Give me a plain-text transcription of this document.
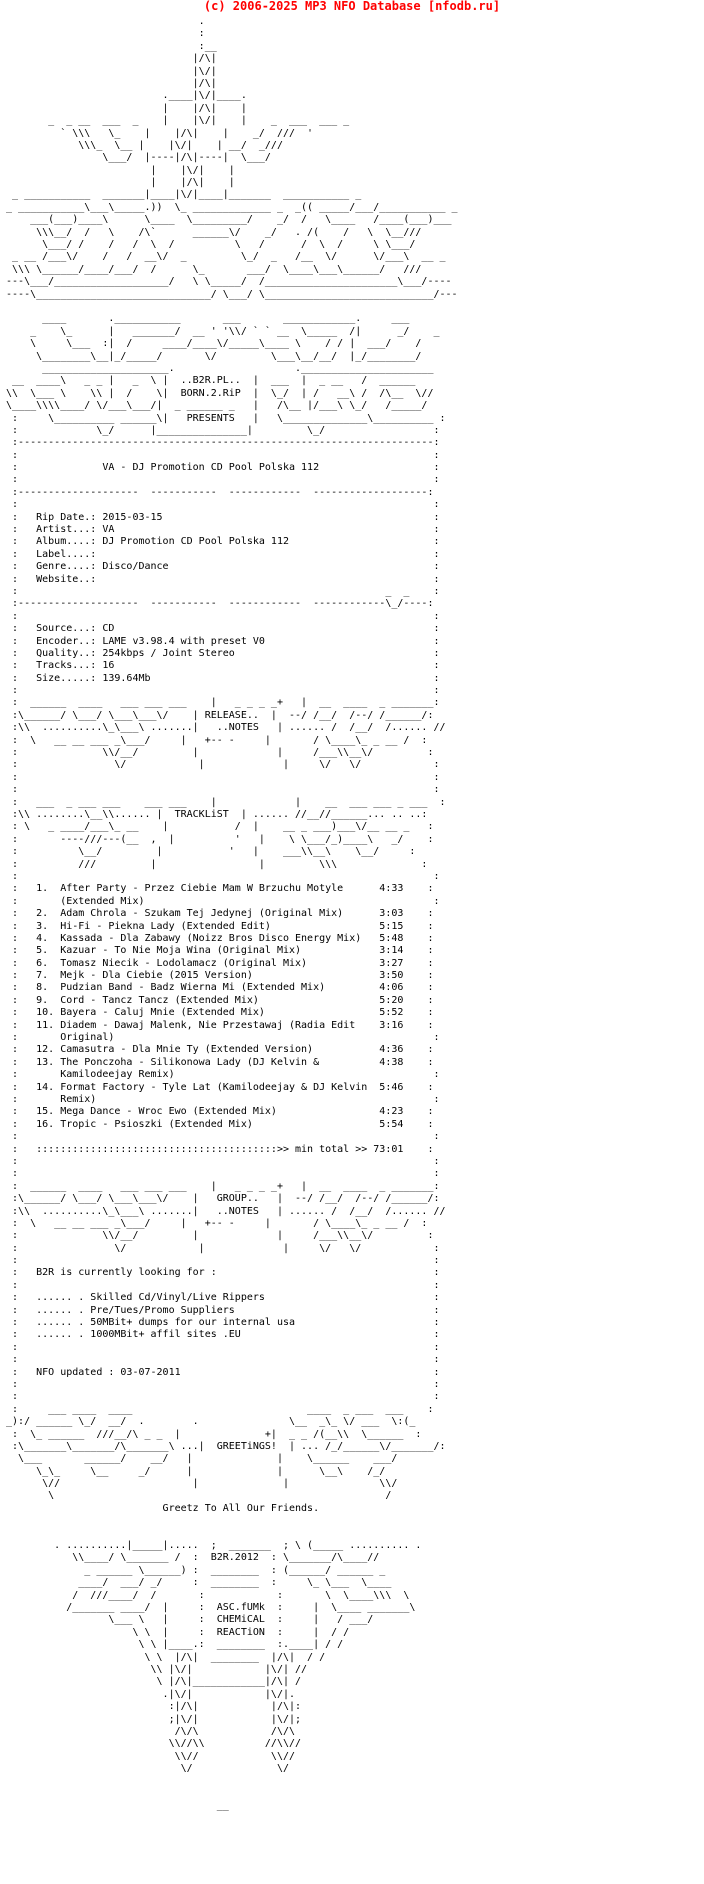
(c) 2006-2025 MP3 NFO Database [nfodb.ru]
.
:
:__
|/\|
|\/|
|/\|
.____|\/|____.
|    |/\|    |
_  _ __  ___  _    |    |\/|    |    _  ___  ___ _
` \\\   \_    |    |/\|    |    _/  ///  '
\\\_  \__ |    |\/|    | __/  _///
\___/  |----|/\|----|  \___/
|    |\/|    |
|    |/\|    |
_ ___________  _______|____|\/|____|_______  ___________ _
_ ___________\___\_____.))  \_ _____________ _  _(( _____/___/___________ _
___(___)____\      \____  \_________/    _/  /   \____   /____(___)___
\\\__/  /   \    /\`      ______\/    _/   . /(    /   \  \__///
\___/ /    /   /  \  /          \   /      /  \  /     \ \___/
_ __ /___\/    /   /  __\/  _         \_/  _   /__  \/      \/___\  __ _
\\\ \______/____/___/  /      \_       ___/  \____\___\______/   ///
---\___/___________________/   \ \_____/  /______________________\___/----
----\_____________________________/ \___/ \____________________________/---

____       .___________       ___       ____________.     ___
_    \_      |   _______/  __ ' '\\/ ` ` __  \_____  /|      _/    _
\     \___  :|  /     ____/____\/_____\____ \    / / |  ___/    /
\________\__|_/_____/       \/         \___\__/__/  |_/________/
_____________________.                    .______________________
__  ____\   _ _ |   _  \ |  ..B2R.PL..  |  ___  |  _ __   /  ______
\\  \___ \    \\ |  /    \|  BORN.2.RiP  |  \_/  | /   __\ /  /\__  \//
\____\\\\____/ \/___\___/|  _ ______ _   |   /\__ |/___\ \_/   /_____/
:     \__________ ______\|   PRESENTS   |   \______________\__________ :
:             \_/      |_______________|         \_/                  :
:---------------------------------------------------------------------:
:                                                                     :
:              VA - DJ Promotion CD Pool Polska 112                   :
:                                                                     :
:--------------------  -----------  ------------  -------------------:
:                                                                     :
:   Rip Date.: 2015-03-15                                             :
:   Artist...: VA                                                     :
:   Album....: DJ Promotion CD Pool Polska 112                        :
:   Label....:                                                        :
:   Genre....: Disco/Dance                                            :
:   Website..:                                                        :
:                                                             _  _    :
:--------------------  -----------  ------------  ------------\_/----:
:                                                                     :
:   Source...: CD                                                     :
:   Encoder..: LAME v3.98.4 with preset V0                            :
:   Quality..: 254kbps / Joint Stereo                                 :
:   Tracks...: 16                                                     :
:   Size.....: 139.64Mb                                               :
:                                                                     :
:  ______  ____   ___ ___ ___    |   _ _ _ _+   |  __  ____  _ _______:
:\______/ \___/ \___\___\/    | RELEASE..  |  --/ /__/  /--/ /______/:
:\\  ..........\_\___\ .......|   ..NOTES   | ...... /  /__/  /...... //
:  \   __ __ ___ _\___/     |   +-- -     |       / \____\_ _ __ /  :
:              \\/__/         |             |     /___\\__\/         :
:                \/            |             |     \/   \/            :
:                                                                     :
:                                                                     :
:   ___  _ ___ ___    ___ ___    |             |    __  ___ ___ _ ___  :
:\\ ........\__\\...... |  TRACKLiST  | ...... //__//______... .. ..:
: \   _ ____/___\_ __    |           /  |    __ _ ___)___\/__ __ _   :
:       ----///---(__  ,  |          '   |    \ \___/_)____\   _/    :
:          \__/         |           '   |    ___\\__\    \__/     :
:          ///         |                 |         \\\              :
:                                                                     :
:   1.  After Party - Przez Ciebie Mam W Brzuchu Motyle      4:33    :
:       (Extended Mix)                                                :
:   2.  Adam Chrola - Szukam Tej Jedynej (Original Mix)      3:03    :
:   3.  Hi-Fi - Piekna Lady (Extended Edit)                  5:15    :
:   4.  Kassada - Dla Zabawy (Noizz Bros Disco Energy Mix)   5:48    :
:   5.  Kazuar - To Nie Moja Wina (Original Mix)             3:14    :
:   6.  Tomasz Niecik - Lodolamacz (Original Mix)            3:27    :
:   7.  Mejk - Dla Ciebie (2015 Version)                     3:50    :
:   8.  Pudzian Band - Badz Wierna Mi (Extended Mix)         4:06    :
:   9.  Cord - Tancz Tancz (Extended Mix)                    5:20    :
:   10. Bayera - Caluj Mnie (Extended Mix)                   5:52    :
:   11. Diadem - Dawaj Malenk, Nie Przestawaj (Radia Edit    3:16    :
:       Original)                                                     :
:   12. Camasutra - Dla Mnie Ty (Extended Version)           4:36    :
:   13. The Ponczoha - Silikonowa Lady (DJ Kelvin &          4:38    :
:       Kamilodeejay Remix)                                           :
:   14. Format Factory - Tyle Lat (Kamilodeejay & DJ Kelvin  5:46    :
:       Remix)                                                        :
:   15. Mega Dance - Wroc Ewo (Extended Mix)                 4:23    :
:   16. Tropic - Psioszki (Extended Mix)                     5:54    :
:                                                                     :
:   ::::::::::::::::::::::::::::::::::::::::>> min total >> 73:01    :
:                                                                     :
:                                                                     :
:  ______  ____   ___ ___ ___    |   _ _ _ _+   |  __  ____  _ _______:
:\______/ \___/ \___\___\/    |   GROUP..   |  --/ /__/  /--/ /______/:
:\\  ..........\_\___\ .......|   ..NOTES   | ...... /  /__/  /...... //
:  \   __ __ ___ _\___/     |   +-- -     |       / \____\_ _ __ /  :
:              \\/__/         |             |     /___\\__\/         :
:                \/            |             |     \/   \/            :
:                                                                     :
:   B2R is currently looking for :                                    :
:                                                                     :
:   ...... . Skilled Cd/Vinyl/Live Rippers                            :
:   ...... . Pre/Tues/Promo Suppliers                                 :
:   ...... . 50MBit+ dumps for our internal usa                       :
:   ...... . 1000MBit+ affil sites .EU                                :
:                                                                     :
:                                                                     :
:   NFO updated : 03-07-2011                                          :
:                                                                     :
:                                                                     :
:     ___ ____  ____                             ____  _ ___  ___    :
_):/ ______ \_/  __/  .        .               \__  _\_ \/ ___  \:(_
:  \_ ______  ///__/\ _ _  |              +|  _ _ /(__\\  \______  :
:\_______\_______/\_______\ ...|  GREETiNGS!  | ... /_/______\/_______/:
\___       ______/    __/   |              |    \______    ___/
\_\_     \__     _/      |              |      \__\    /_/
\//                      |              |               \\/
\                                                       /
Greetz To All Our Friends.

. ..........|_____|.....  ;  _______  ; \ (_____ .......... .
\\____/ \_______ /  :  B2R.2012  : \_______/\____//
_ ______ \______) :  ________  : (______/ ______ _
____/  ___/ _/     :  ________  :     \_ \___  \____
/  ///____/  /       :            :       \  \____\\\  \
/_______ ____/  |     :  ASC.fUMk  :     |  \____ _______\
\___ \   |     :  CHEMiCAL  :     |   / ___/
\ \  |     :  REACTiON  :     |  / /
\ \ |____.:  ________  :.____| / /
\ \  |/\|  ________  |/\|  / /
\\ |\/|            |\/| //
\ |/\|____________|/\| /
.|\/|            |\/|.
:|/\|            |/\|:
;|\/|            |\/|;
/\/\            /\/\
\\//\\          //\\//
\\//            \\//
\/              \/

__
